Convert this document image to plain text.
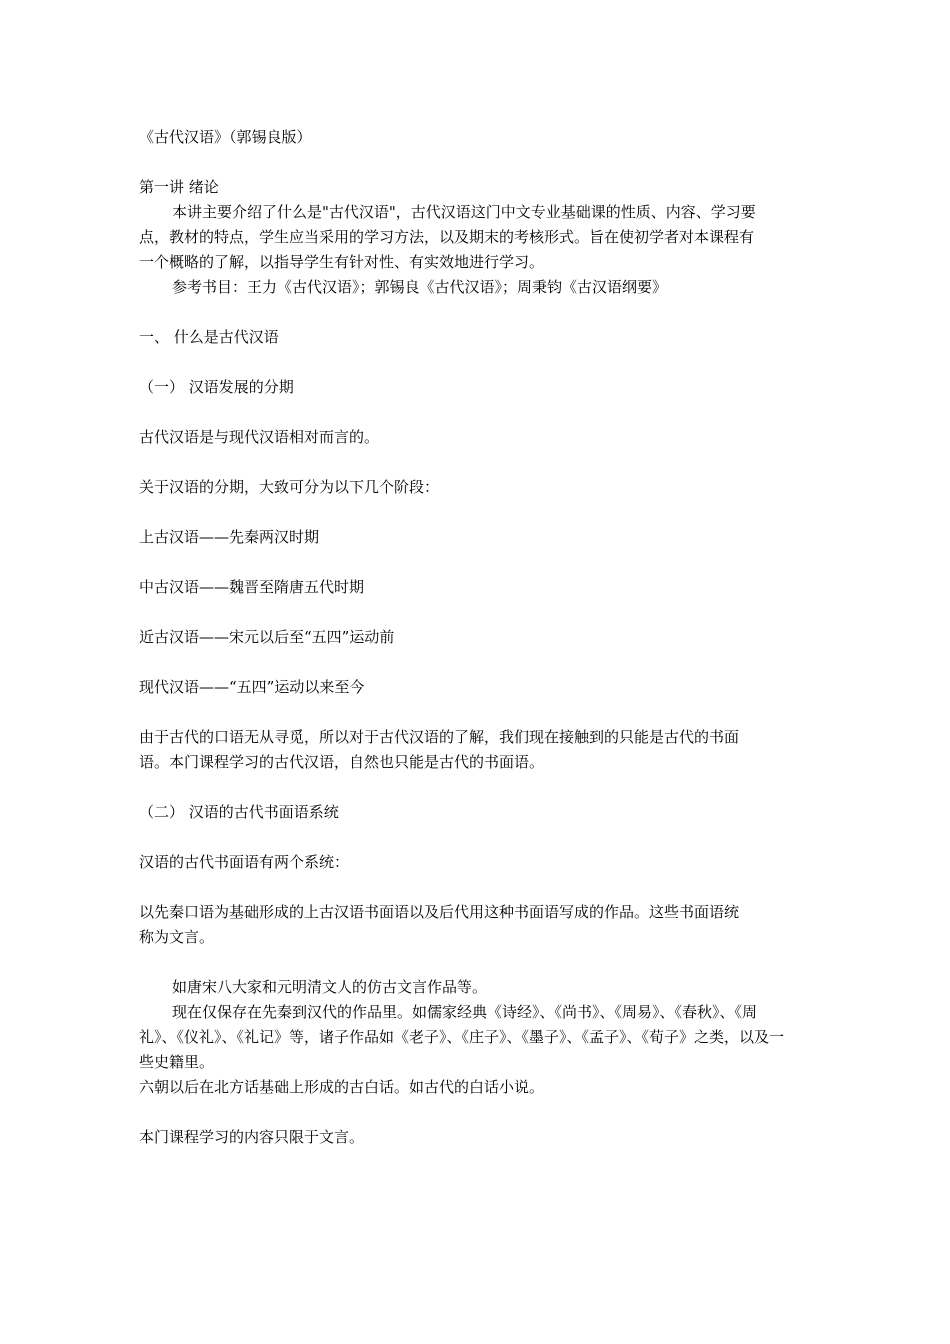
《古代汉语》（郭锡良版）
第一讲 绪论
本讲主要介绍了什么是"古代汉语"，古代汉语这门中文专业基础课的性质、内容、学习要
点，教材的特点，学生应当采用的学习方法，以及期末的考核形式。旨在使初学者对本课程有
一个概略的了解，以指导学生有针对性、有实效地进行学习。
参考书目：王力《古代汉语》；郭锡良《古代汉语》；周秉钧《古汉语纲要》
一、 什么是古代汉语
（一） 汉语发展的分期
古代汉语是与现代汉语相对而言的。
关于汉语的分期，大致可分为以下几个阶段：
上古汉语——先秦两汉时期
中古汉语——魏晋至隋唐五代时期
近古汉语——宋元以后至“五四”运动前
现代汉语——“五四”运动以来至今
由于古代的口语无从寻觅，所以对于古代汉语的了解，我们现在接触到的只能是古代的书面
语。本门课程学习的古代汉语，自然也只能是古代的书面语。
（二） 汉语的古代书面语系统
汉语的古代书面语有两个系统：
以先秦口语为基础形成的上古汉语书面语以及后代用这种书面语写成的作品。这些书面语统
称为文言。
如唐宋八大家和元明清文人的仿古文言作品等。
现在仅保存在先秦到汉代的作品里。如儒家经典《诗经》、《尚书》、《周易》、《春秋》、《周
礼》、《仪礼》、《礼记》等，诸子作品如《老子》、《庄子》、《墨子》、《孟子》、《荀子》之类，以及一
些史籍里。
六朝以后在北方话基础上形成的古白话。如古代的白话小说。
本门课程学习的内容只限于文言。
